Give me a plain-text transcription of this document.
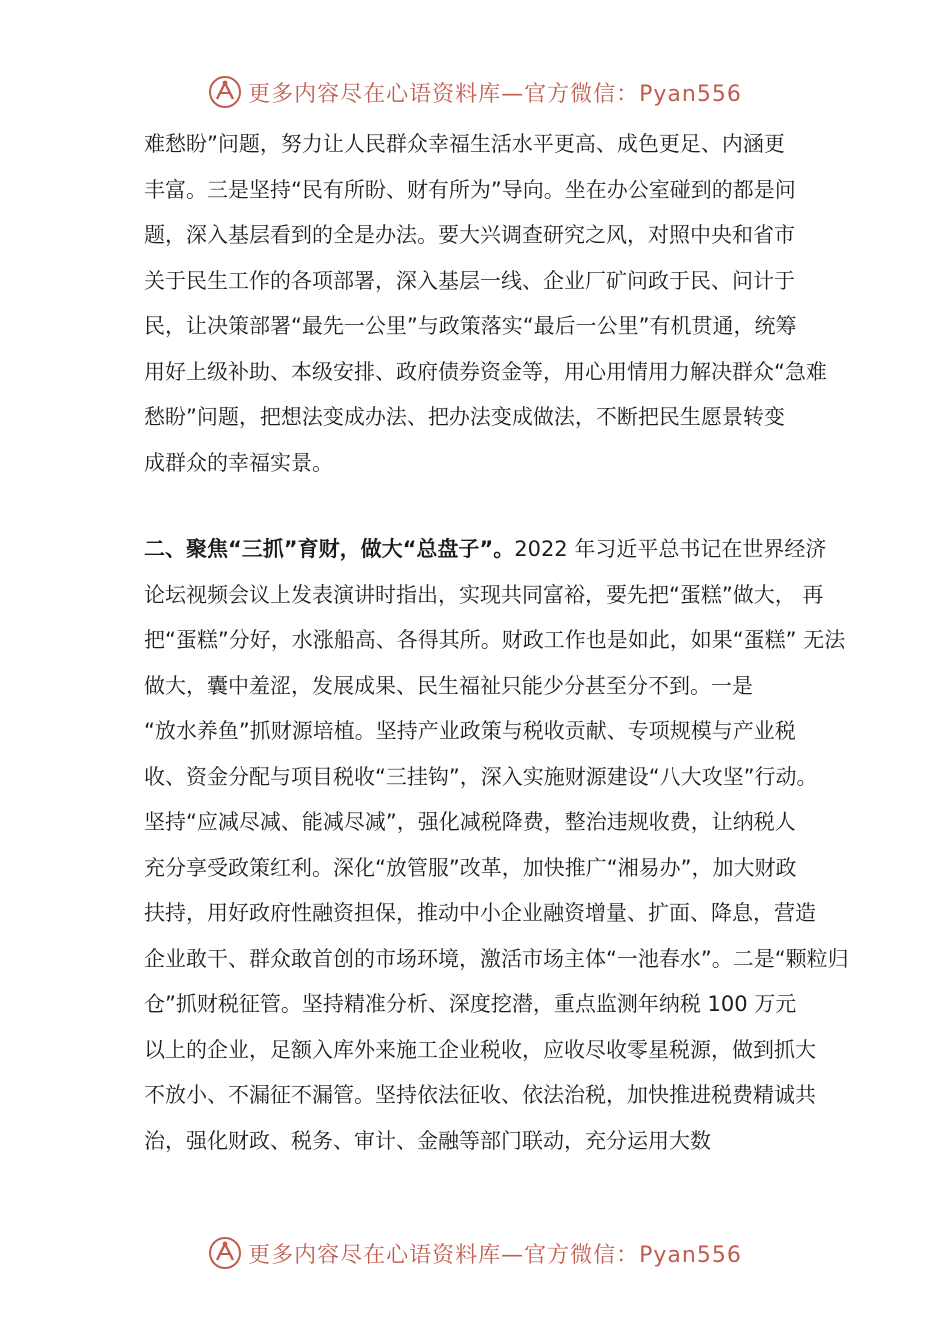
更多内容尽在心语资料库—官方微信：Pyan556
难愁盼”问题，努力让人民群众幸福生活水平更高、成色更足、内涵更
丰富。三是坚持“民有所盼、财有所为”导向。坐在办公室碰到的都是问
题，深入基层看到的全是办法。要大兴调查研究之风，对照中央和省市
关于民生工作的各项部署，深入基层一线、企业厂矿问政于民、问计于
民，让决策部署“最先一公里”与政策落实“最后一公里”有机贯通，统筹
用好上级补助、本级安排、政府债券资金等，用心用情用力解决群众“急难
愁盼”问题，把想法变成办法、把办法变成做法，不断把民生愿景转变
成群众的幸福实景。
二、聚焦“三抓”育财，做大“总盘子”。2022 年习近平总书记在世界经济
论坛视频会议上发表演讲时指出，实现共同富裕，要先把“蛋糕”做大， 再
把“蛋糕”分好，水涨船高、各得其所。财政工作也是如此，如果“蛋糕” 无法
做大，囊中羞涩，发展成果、民生福祉只能少分甚至分不到。一是
“放水养鱼”抓财源培植。坚持产业政策与税收贡献、专项规模与产业税
收、资金分配与项目税收“三挂钩”，深入实施财源建设“八大攻坚”行动。
坚持“应减尽减、能减尽减”，强化减税降费，整治违规收费，让纳税人
充分享受政策红利。深化“放管服”改革，加快推广“湘易办”，加大财政
扶持，用好政府性融资担保，推动中小企业融资增量、扩面、降息，营造
企业敢干、群众敢首创的市场环境，激活市场主体“一池春水”。二是“颗粒归
仓”抓财税征管。坚持精准分析、深度挖潜，重点监测年纳税 100 万元
以上的企业，足额入库外来施工企业税收，应收尽收零星税源，做到抓大
不放小、不漏征不漏管。坚持依法征收、依法治税，加快推进税费精诚共
治，强化财政、税务、审计、金融等部门联动，充分运用大数
更多内容尽在心语资料库—官方微信：Pyan556
